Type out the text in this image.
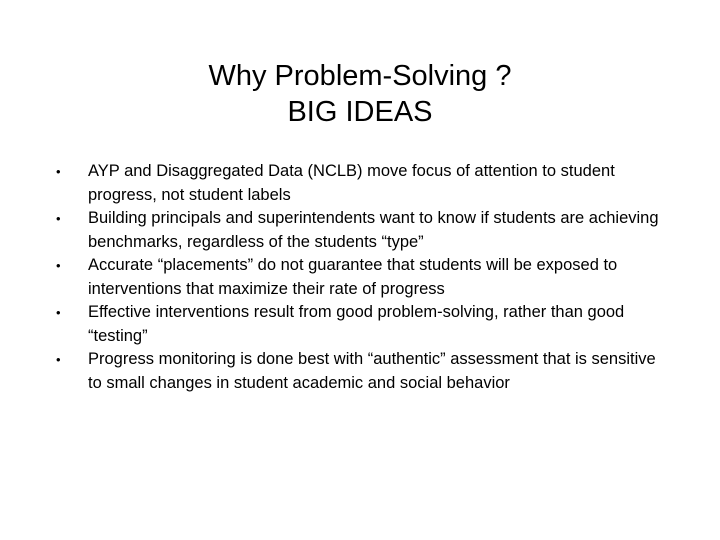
Why Problem-Solving ?
BIG IDEAS
•	AYP and Disaggregated Data (NCLB) move focus of attention to student progress, not student labels
•	Building principals and superintendents want to know if students are achieving benchmarks, regardless of the students “type”
•	Accurate “placements” do not guarantee that students will be exposed to interventions that maximize their rate of progress
•	Effective interventions result from good problem-solving, rather than good “testing”
•	Progress monitoring is done best with “authentic” assessment that is sensitive to small changes in student academic and social behavior
